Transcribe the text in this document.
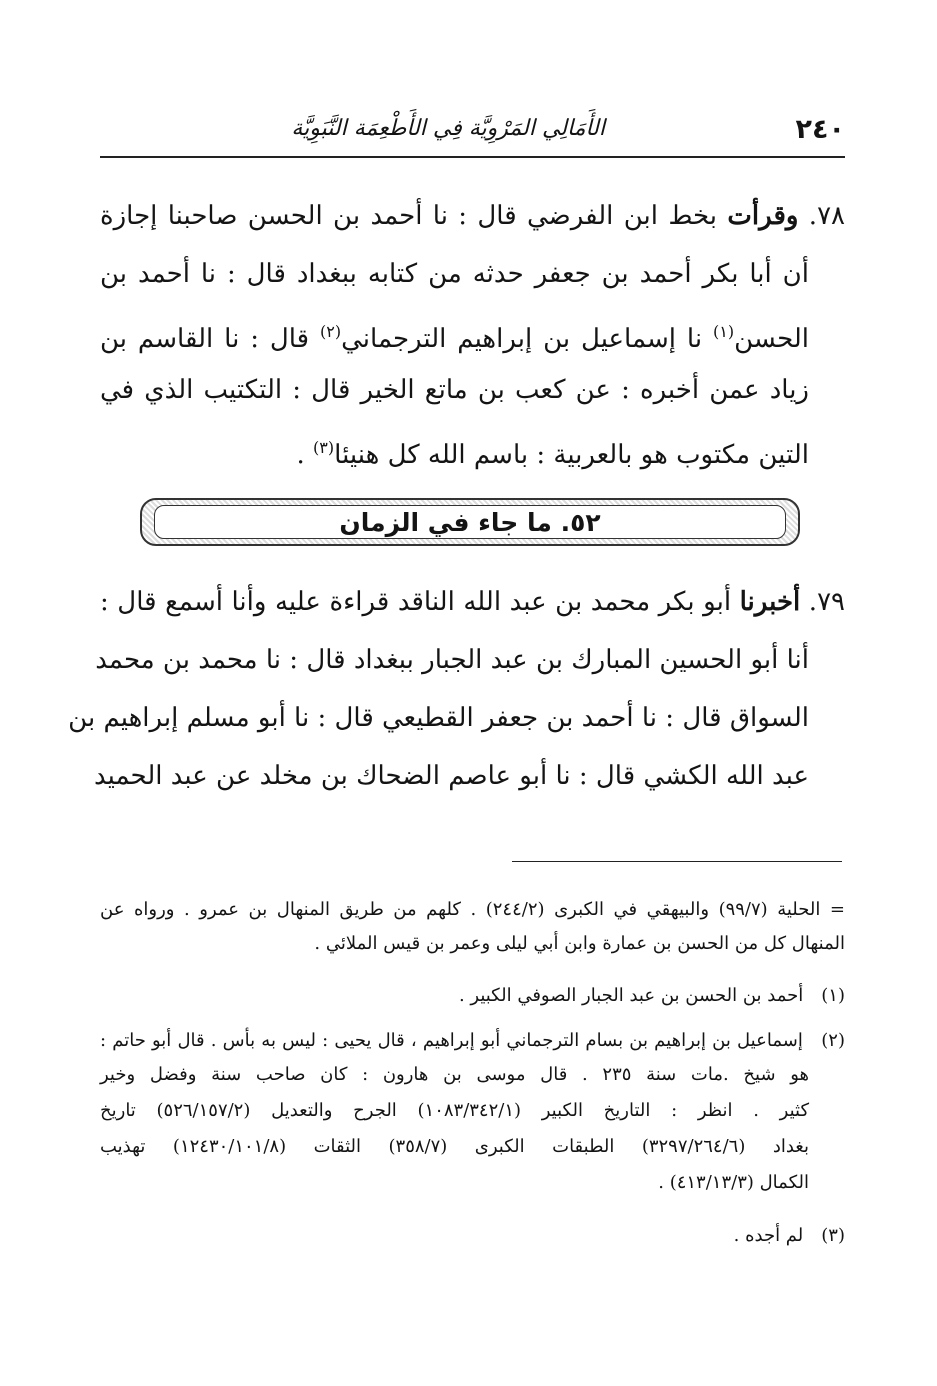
٢٤٠
الأَمَالِي المَرْوِيَّة فِي الأَطْعِمَة النَّبَوِيَّة
٧٨. وقرأت بخط ابن الفرضي قال : نا أحمد بن الحسن صاحبنا إجازة
أن أبا بكر أحمد بن جعفر حدثه من كتابه ببغداد قال : نا أحمد بن
الحسن$^{(١)}$ نا إسماعيل بن إبراهيم الترجماني$^{(٢)}$ قال : نا القاسم بن
زياد عمن أخبره : عن كعب بن ماتع الخير قال : التكتيب الذي في
التين مكتوب هو بالعربية : باسم الله كل هنيئا$^{(٣)}$ .
٥٢. ما جاء في الزمان
٧٩. أخبرنا أبو بكر محمد بن عبد الله الناقد قراءة عليه وأنا أسمع قال :
أنا أبو الحسين المبارك بن عبد الجبار ببغداد قال : نا محمد بن محمد
السواق قال : نا أحمد بن جعفر القطيعي قال : نا أبو مسلم إبراهيم بن
عبد الله الكشي قال : نا أبو عاصم الضحاك بن مخلد عن عبد الحميد
= الحلية (٩٩/٧) والبيهقي في الكبرى (٢٤٤/٢) . كلهم من طريق المنهال بن عمرو . ورواه عن
المنهال كل من الحسن بن عمارة وابن أبي ليلى وعمر بن قيس الملائي .
(١) أحمد بن الحسن بن عبد الجبار الصوفي الكبير .
(٢) إسماعيل بن إبراهيم بن بسام الترجماني أبو إبراهيم ، قال يحيى : ليس به بأس . قال أبو حاتم :
هو شيخ .مات سنة ٢٣٥ . قال موسى بن هارون : كان صاحب سنة وفضل وخير
كثير . انظر : التاريخ الكبير (١٠٨٣/٣٤٢/١) الجرح والتعديل (٥٢٦/١٥٧/٢) تاريخ
بغداد (٣٢٩٧/٢٦٤/٦) الطبقات الكبرى (٣٥٨/٧) الثقات (١٢٤٣٠/١٠١/٨) تهذيب
الكمال (٤١٣/١٣/٣) .
(٣) لم أجده .
